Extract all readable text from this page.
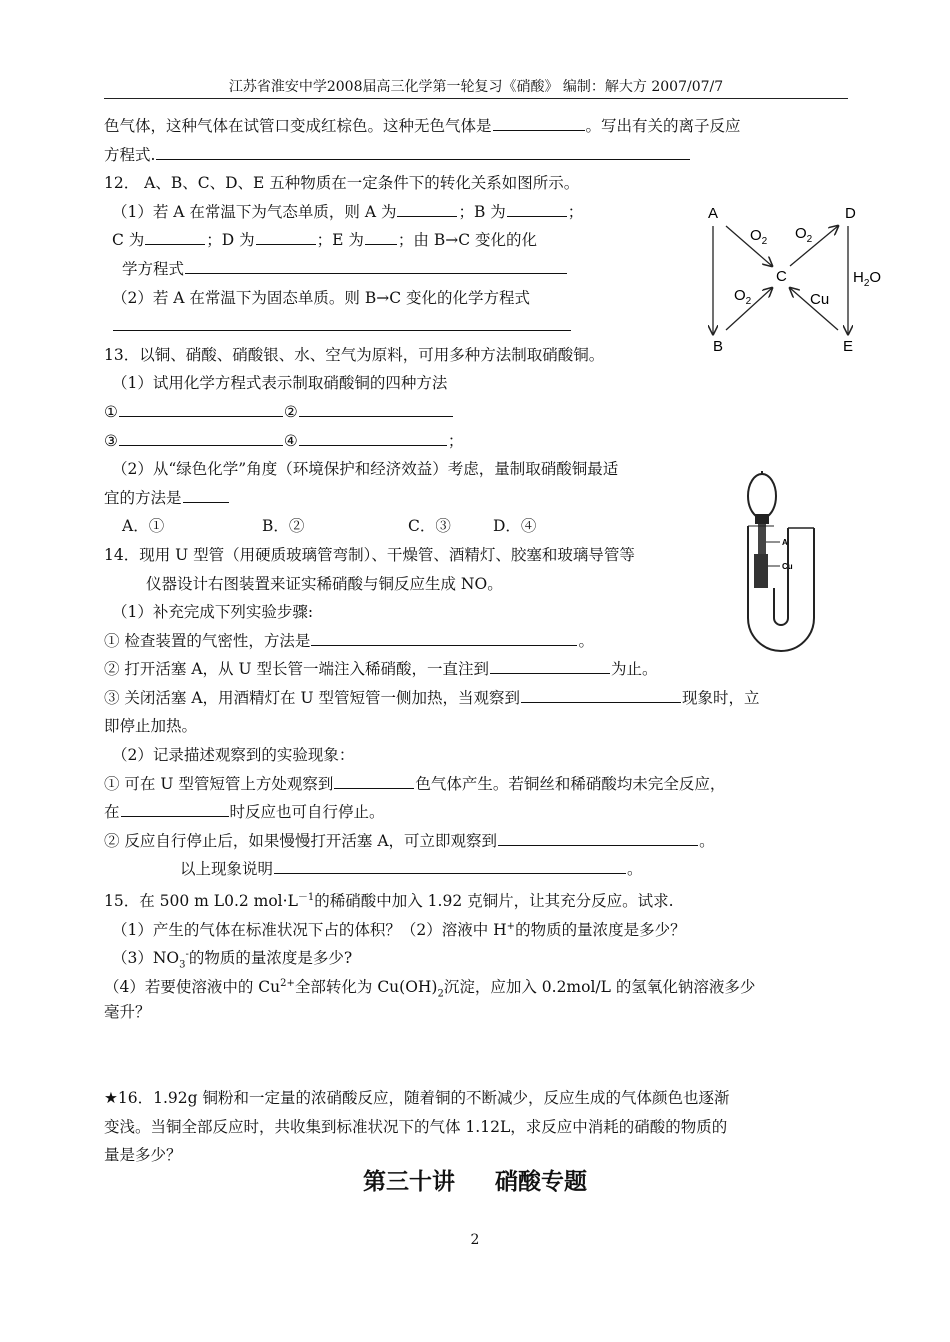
江苏省淮安中学2008届高三化学第一轮复习《硝酸》 编制：解大方 2007/07/7
色气体，这种气体在试管口变成红棕色。这种无色气体是	。写出有关的离子反应
方程式.
12． A、B、C、D、E 五种物质在一定条件下的转化关系如图所示。
（1）若 A 在常温下为气态单质，则 A 为	；B 为	；
C 为	；D 为	；E 为 ；由 B→C 变化的化
学方程式
（2）若 A 在常温下为固态单质。则 B→C 变化的化学方程式
13．以铜、硝酸、硝酸银、水、空气为原料，可用多种方法制取硝酸铜。
（1）试用化学方程式表示制取硝酸铜的四种方法
①	②
③	④	；
（2）从“绿色化学”角度（环境保护和经济效益）考虑，量制取硝酸铜最适
宜的方法是
A．①	B．②	C．③	D．④
14．现用 U 型管（用硬质玻璃管弯制）、干燥管、酒精灯、胶塞和玻璃导管等
仪器设计右图装置来证实稀硝酸与铜反应生成 NO。
（1）补充完成下列实验步骤:
① 检查装置的气密性，方法是	。
② 打开活塞 A，从 U 型长管一端注入稀硝酸，一直注到	为止。
③ 关闭活塞 A，用酒精灯在 U 型管短管一侧加热，当观察到	现象时，立
即停止加热。
（2）记录描述观察到的实验现象：
① 可在 U 型管短管上方处观察到	色气体产生。若铜丝和稀硝酸均未完全反应，
在	时反应也可自行停止。
② 反应自行停止后，如果慢慢打开活塞 A，可立即观察到	。
以上现象说明	。
15．在 500 m L0.2 $mol\cdot L^{-1}$的稀硝酸中加入 1.92 克铜片，让其充分反应。试求.
（1）产生的气体在标准状况下占的体积？（2）溶液中 H+的物质的量浓度是多少？
$(3)NO_3^-$的物质的量浓度是多少?
（4）若要使溶液中的 $Cu^{2+}$全部转化为 $Cu(OH)_2$沉淀，应加入 0.2mol/L 的氢氧化钠溶液多少
毫升？
★16．1.92g 铜粉和一定量的浓硝酸反应，随着铜的不断减少，反应生成的气体颜色也逐渐
变浅。当铜全部反应时，共收集到标准状况下的气体 1.12L，求反应中消耗的硝酸的物质的
量是多少？
A	D
C
B	E
$O_2$ $O_2$
$O_2$	Cu
$H_2O$
A
Cu
第三十讲 硝酸专题
2
